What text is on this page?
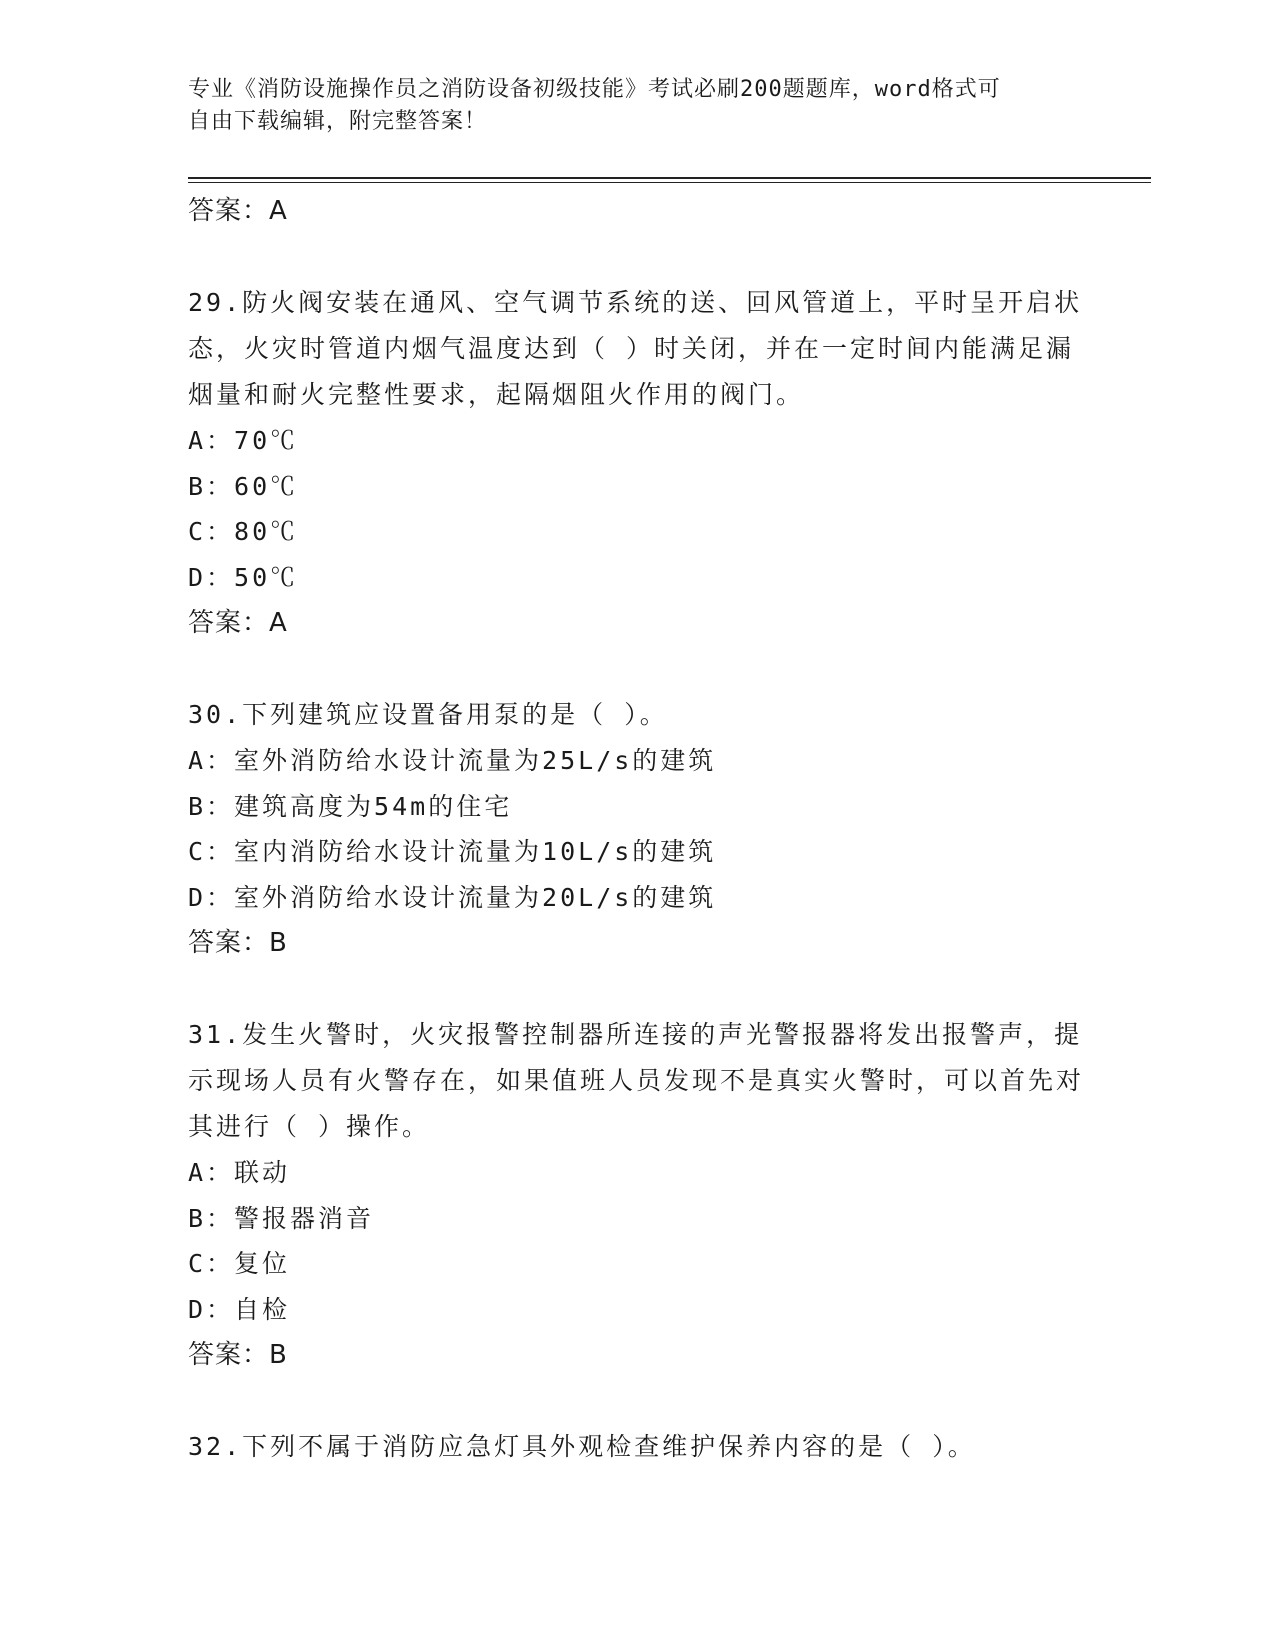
专业《消防设施操作员之消防设备初级技能》考试必刷200题题库，word格式可
自由下载编辑，附完整答案！
答案：A
29.防火阀安装在通风、空气调节系统的送、回风管道上，平时呈开启状态，火灾时管道内烟气温度达到（ ）时关闭，并在一定时间内能满足漏烟量和耐火完整性要求，起隔烟阻火作用的阀门。
A：70℃
B：60℃
C：80℃
D：50℃
答案：A
30.下列建筑应设置备用泵的是（ ）。
A：室外消防给水设计流量为25L/s的建筑
B：建筑高度为54m的住宅
C：室内消防给水设计流量为10L/s的建筑
D：室外消防给水设计流量为20L/s的建筑
答案：B
31.发生火警时，火灾报警控制器所连接的声光警报器将发出报警声，提示现场人员有火警存在，如果值班人员发现不是真实火警时，可以首先对其进行（ ）操作。
A：联动
B：警报器消音
C：复位
D：自检
答案：B
32.下列不属于消防应急灯具外观检查维护保养内容的是（ ）。
